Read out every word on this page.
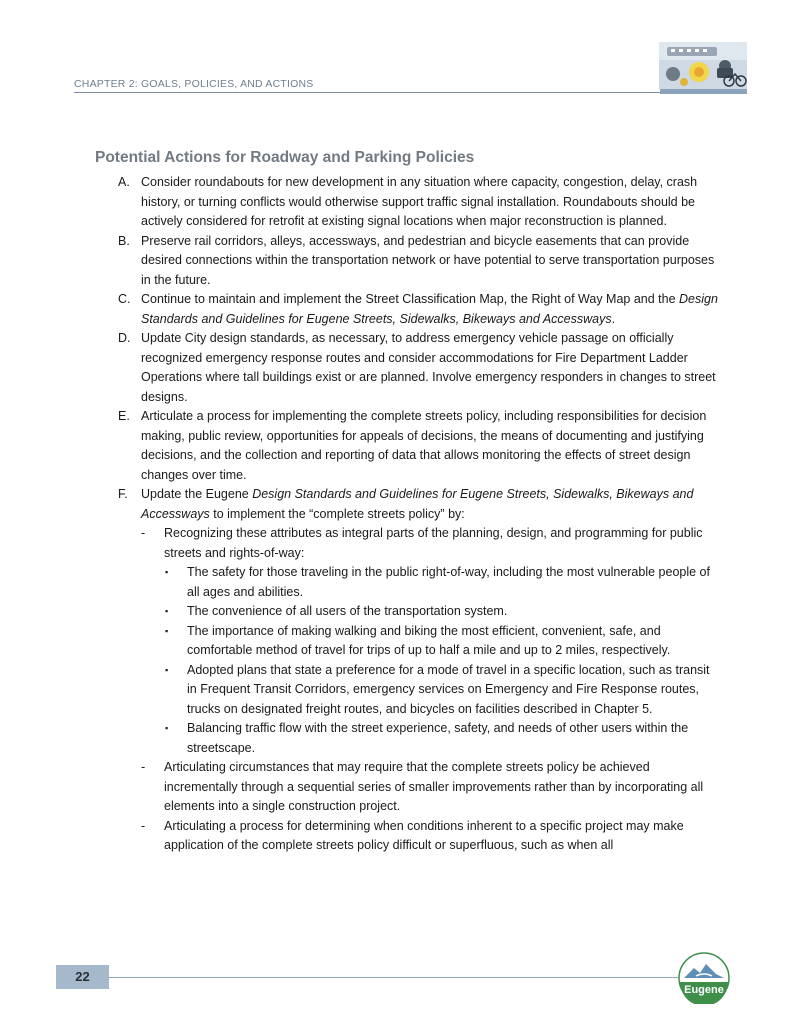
CHAPTER 2: GOALS, POLICIES, AND ACTIONS
Potential Actions for Roadway and Parking Policies
A. Consider roundabouts for new development in any situation where capacity, congestion, delay, crash history, or turning conflicts would otherwise support traffic signal installation. Roundabouts should be actively considered for retrofit at existing signal locations when major reconstruction is planned.
B. Preserve rail corridors, alleys, accessways, and pedestrian and bicycle easements that can provide desired connections within the transportation network or have potential to serve transportation purposes in the future.
C. Continue to maintain and implement the Street Classification Map, the Right of Way Map and the Design Standards and Guidelines for Eugene Streets, Sidewalks, Bikeways and Accessways.
D. Update City design standards, as necessary, to address emergency vehicle passage on officially recognized emergency response routes and consider accommodations for Fire Department Ladder Operations where tall buildings exist or are planned. Involve emergency responders in changes to street designs.
E. Articulate a process for implementing the complete streets policy, including responsibilities for decision making, public review, opportunities for appeals of decisions, the means of documenting and justifying decisions, and the collection and reporting of data that allows monitoring the effects of street design changes over time.
F. Update the Eugene Design Standards and Guidelines for Eugene Streets, Sidewalks, Bikeways and Accessways to implement the “complete streets policy” by:
- Recognizing these attributes as integral parts of the planning, design, and programming for public streets and rights-of-way:
▪ The safety for those traveling in the public right-of-way, including the most vulnerable people of all ages and abilities.
▪ The convenience of all users of the transportation system.
▪ The importance of making walking and biking the most efficient, convenient, safe, and comfortable method of travel for trips of up to half a mile and up to 2 miles, respectively.
▪ Adopted plans that state a preference for a mode of travel in a specific location, such as transit in Frequent Transit Corridors, emergency services on Emergency and Fire Response routes, trucks on designated freight routes, and bicycles on facilities described in Chapter 5.
▪ Balancing traffic flow with the street experience, safety, and needs of other users within the streetscape.
- Articulating circumstances that may require that the complete streets policy be achieved incrementally through a sequential series of smaller improvements rather than by incorporating all elements into a single construction project.
- Articulating a process for determining when conditions inherent to a specific project may make application of the complete streets policy difficult or superfluous, such as when all
22
Eugene
